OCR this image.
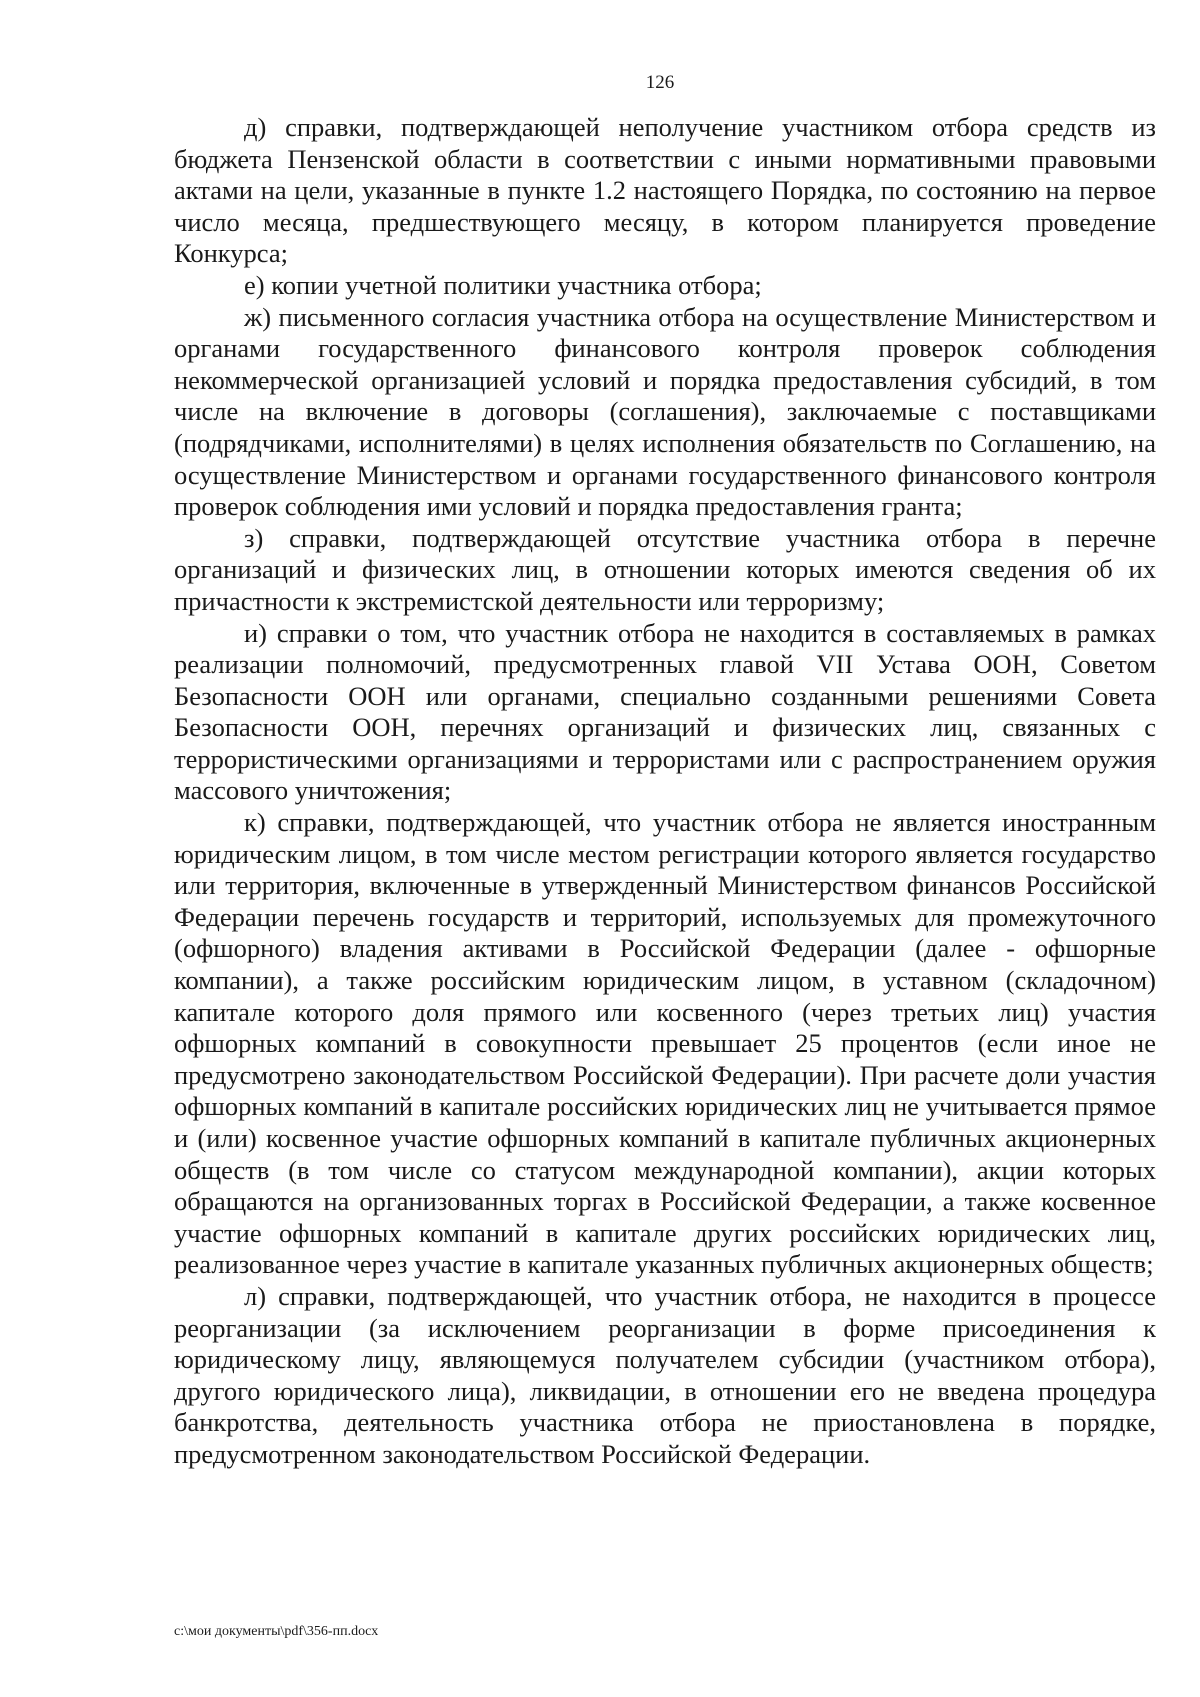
126

д) справки, подтверждающей неполучение участником отбора средств из бюджета Пензенской области в соответствии с иными нормативными правовыми актами на цели, указанные в пункте 1.2 настоящего Порядка, по состоянию на первое число месяца, предшествующего месяцу, в котором планируется проведение Конкурса;

е) копии учетной политики участника отбора;

ж) письменного согласия участника отбора на осуществление Министерством и органами государственного финансового контроля проверок соблюдения некоммерческой организацией условий и порядка предоставления субсидий, в том числе на включение в договоры (соглашения), заключаемые с поставщиками (подрядчиками, исполнителями) в целях исполнения обязательств по Соглашению, на осуществление Министерством и органами государственного финансового контроля проверок соблюдения ими условий и порядка предоставления гранта;

з) справки, подтверждающей отсутствие участника отбора в перечне организаций и физических лиц, в отношении которых имеются сведения об их причастности к экстремистской деятельности или терроризму;

и) справки о том, что участник отбора не находится в составляемых в рамках реализации полномочий, предусмотренных главой VII Устава ООН, Советом Безопасности ООН или органами, специально созданными решениями Совета Безопасности ООН, перечнях организаций и физических лиц, связанных с террористическими организациями и террористами или с распространением оружия массового уничтожения;

к) справки, подтверждающей, что участник отбора не является иностранным юридическим лицом, в том числе местом регистрации которого является государство или территория, включенные в утвержденный Министерством финансов Российской Федерации перечень государств и территорий, используемых для промежуточного (офшорного) владения активами в Российской Федерации (далее - офшорные компании), а также российским юридическим лицом, в уставном (складочном) капитале которого доля прямого или косвенного (через третьих лиц) участия офшорных компаний в совокупности превышает 25 процентов (если иное не предусмотрено законодательством Российской Федерации). При расчете доли участия офшорных компаний в капитале российских юридических лиц не учитывается прямое и (или) косвенное участие офшорных компаний в капитале публичных акционерных обществ (в том числе со статусом международной компании), акции которых обращаются на организованных торгах в Российской Федерации, а также косвенное участие офшорных компаний в капитале других российских юридических лиц, реализованное через участие в капитале указанных публичных акционерных обществ;

л) справки, подтверждающей, что участник отбора, не находится в процессе реорганизации (за исключением реорганизации в форме присоединения к юридическому лицу, являющемуся получателем субсидии (участником отбора), другого юридического лица), ликвидации, в отношении его не введена процедура банкротства, деятельность участника отбора не приостановлена в порядке, предусмотренном законодательством Российской Федерации.

c:\мои документы\pdf\356-пп.docx
